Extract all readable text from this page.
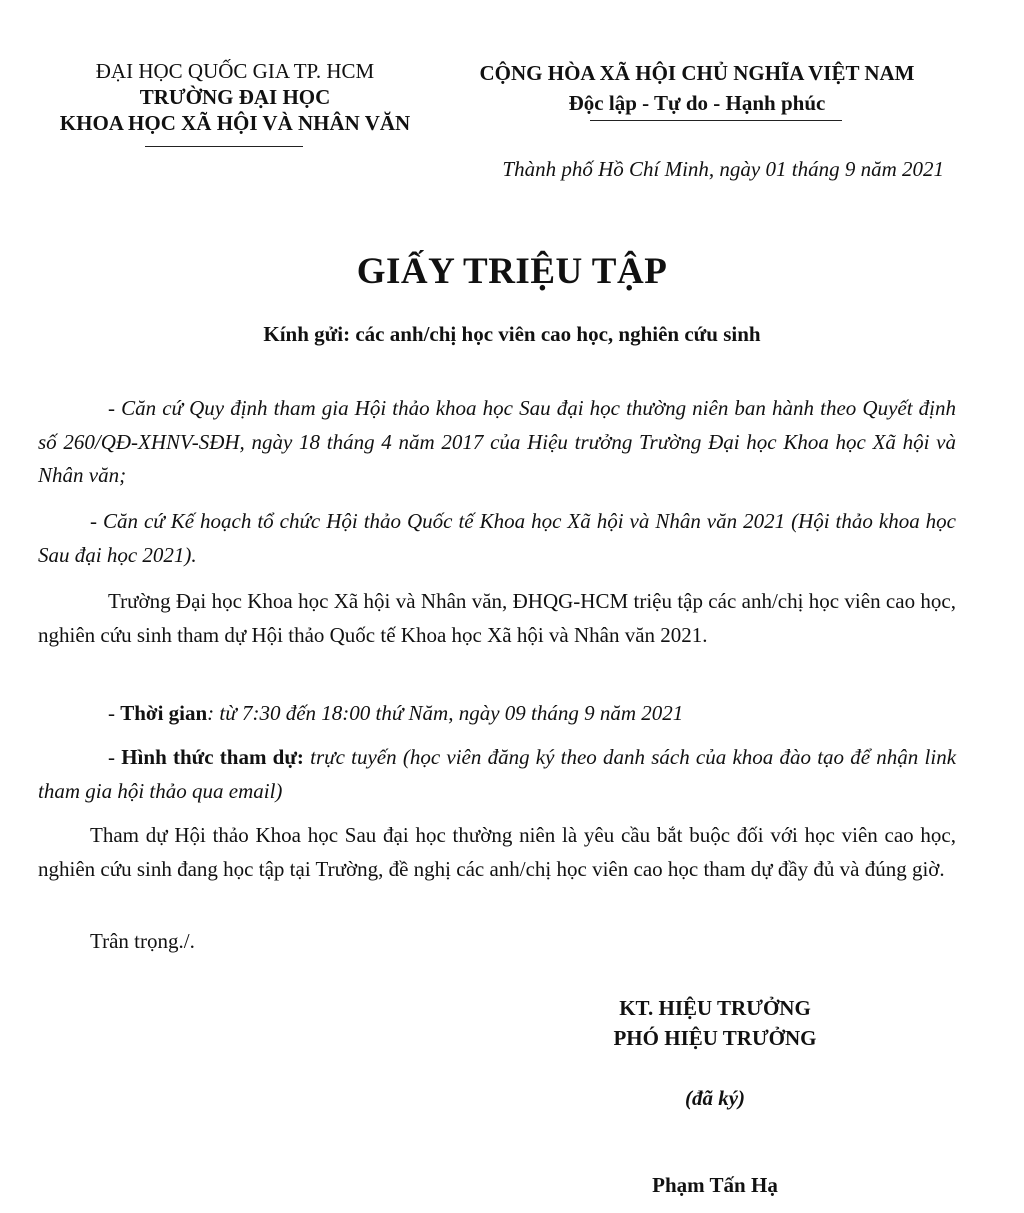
ĐẠI HỌC QUỐC GIA TP. HCM
TRƯỜNG ĐẠI HỌC
KHOA HỌC XÃ HỘI VÀ NHÂN VĂN
CỘNG HÒA XÃ HỘI CHỦ NGHĨA VIỆT NAM
Độc lập - Tự do - Hạnh phúc
Thành phố Hồ Chí Minh, ngày 01 tháng 9 năm 2021
GIẤY TRIỆU TẬP
Kính gửi: các anh/chị học viên cao học, nghiên cứu sinh
- Căn cứ Quy định tham gia Hội thảo khoa học Sau đại học thường niên ban hành theo Quyết định số 260/QĐ-XHNV-SĐH, ngày 18 tháng 4 năm 2017 của Hiệu trưởng Trường Đại học Khoa học Xã hội và Nhân văn;
- Căn cứ Kế hoạch tổ chức Hội thảo Quốc tế Khoa học Xã hội và Nhân văn 2021 (Hội thảo khoa học Sau đại học 2021).
Trường Đại học Khoa học Xã hội và Nhân văn, ĐHQG-HCM triệu tập các anh/chị học viên cao học, nghiên cứu sinh tham dự Hội thảo Quốc tế Khoa học Xã hội và Nhân văn 2021.
- Thời gian: từ 7:30 đến 18:00 thứ Năm, ngày 09 tháng 9 năm 2021
- Hình thức tham dự: trực tuyến (học viên đăng ký theo danh sách của khoa đào tạo để nhận link tham gia hội thảo qua email)
Tham dự Hội thảo Khoa học Sau đại học thường niên là yêu cầu bắt buộc đối với học viên cao học, nghiên cứu sinh đang học tập tại Trường, đề nghị các anh/chị học viên cao học tham dự đầy đủ và đúng giờ.
Trân trọng./.
KT. HIỆU TRƯỞNG
PHÓ HIỆU TRƯỞNG
(đã ký)
Phạm Tấn Hạ
